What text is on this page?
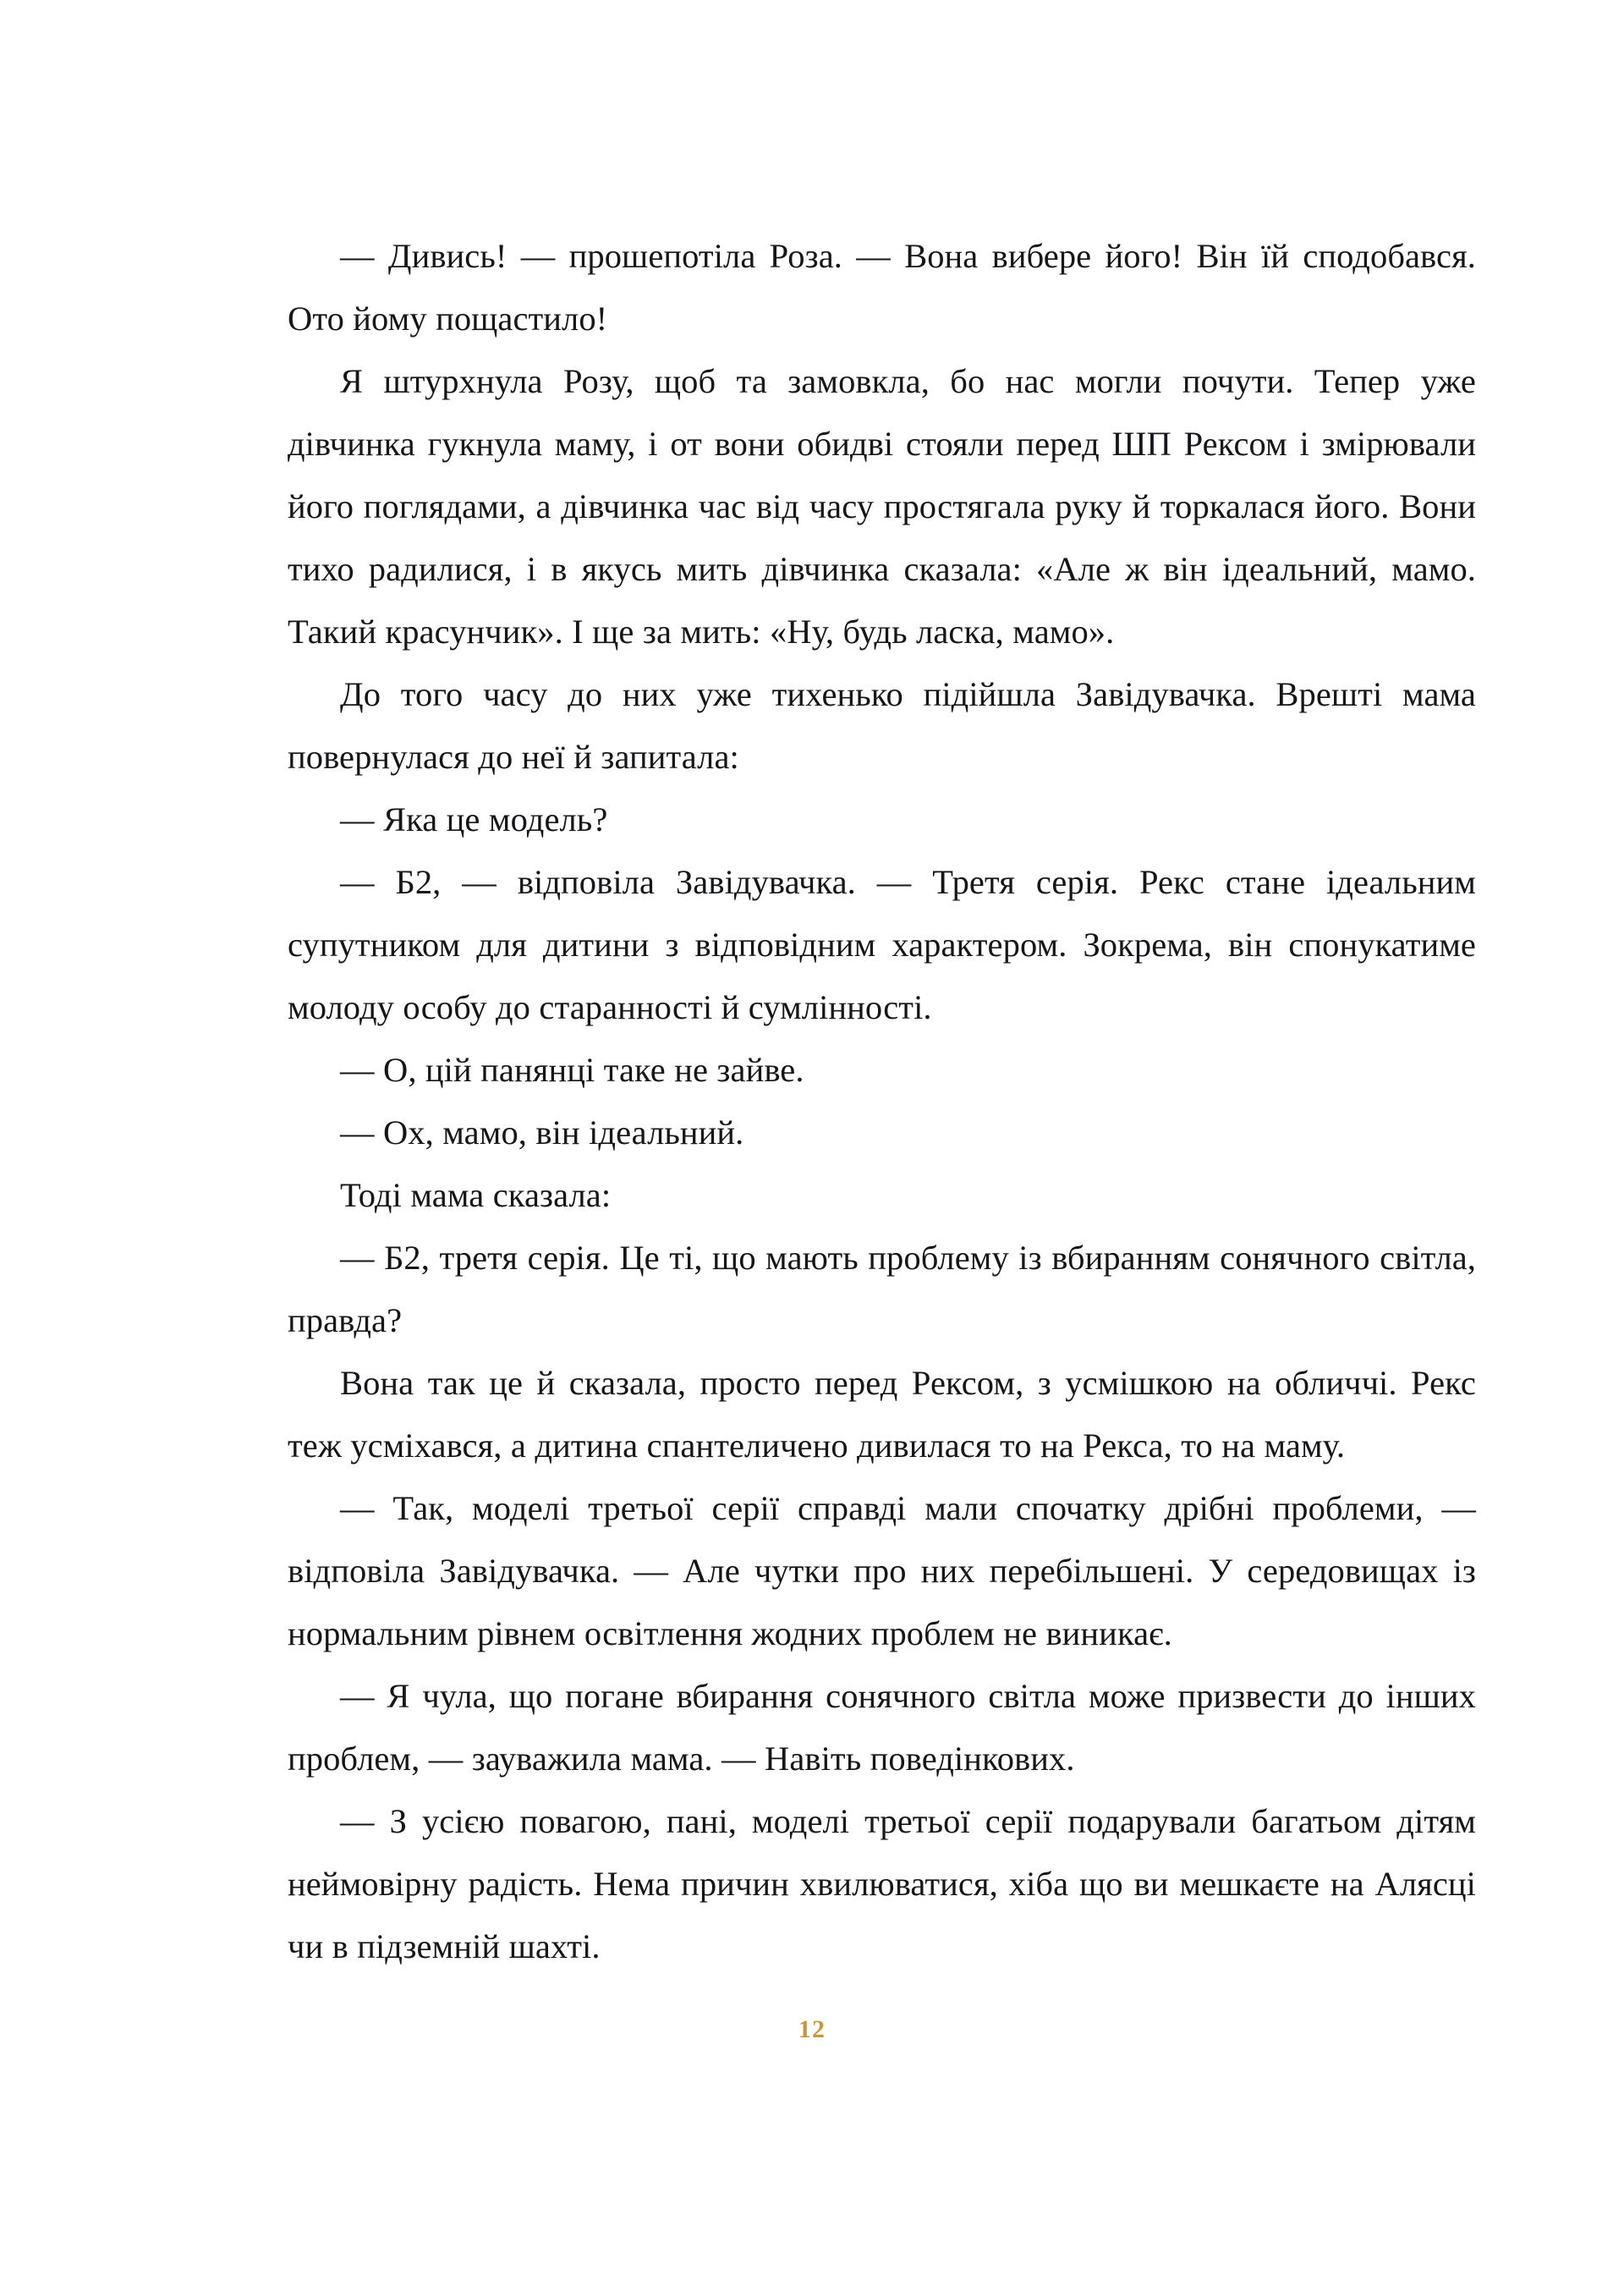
— Дивись! — прошепотіла Роза. — Вона вибере його! Він їй сподобався. Ото йому пощастило!

Я штурхнула Розу, щоб та замовкла, бо нас могли почути. Тепер уже дівчинка гукнула маму, і от вони обидві стояли перед ШП Рексом і змірювали його поглядами, а дівчинка час від часу простягала руку й торкалася його. Вони тихо радилися, і в якусь мить дівчинка сказала: «Але ж він ідеальний, мамо. Такий красунчик». І ще за мить: «Ну, будь ласка, мамо».

До того часу до них уже тихенько підійшла Завідувачка. Врешті мама повернулася до неї й запитала:

— Яка це модель?

— Б2, — відповіла Завідувачка. — Третя серія. Рекс стане ідеальним супутником для дитини з відповідним характером. Зокрема, він спонукатиме молоду особу до старанності й сумлінності.

— О, цій панянці таке не зайве.

— Ох, мамо, він ідеальний.

Тоді мама сказала:

— Б2, третя серія. Це ті, що мають проблему із вбиранням сонячного світла, правда?

Вона так це й сказала, просто перед Рексом, з усмішкою на обличчі. Рекс теж усміхався, а дитина спантеличено дивилася то на Рекса, то на маму.

— Так, моделі третьої серії справді мали спочатку дрібні проблеми, — відповіла Завідувачка. — Але чутки про них перебільшені. У середовищах із нормальним рівнем освітлення жодних проблем не виникає.

— Я чула, що погане вбирання сонячного світла може призвести до інших проблем, — зауважила мама. — Навіть поведінкових.

— З усією повагою, пані, моделі третьої серії подарували багатьом дітям неймовірну радість. Нема причин хвилюватися, хіба що ви мешкаєте на Алясці чи в підземній шахті.

12
